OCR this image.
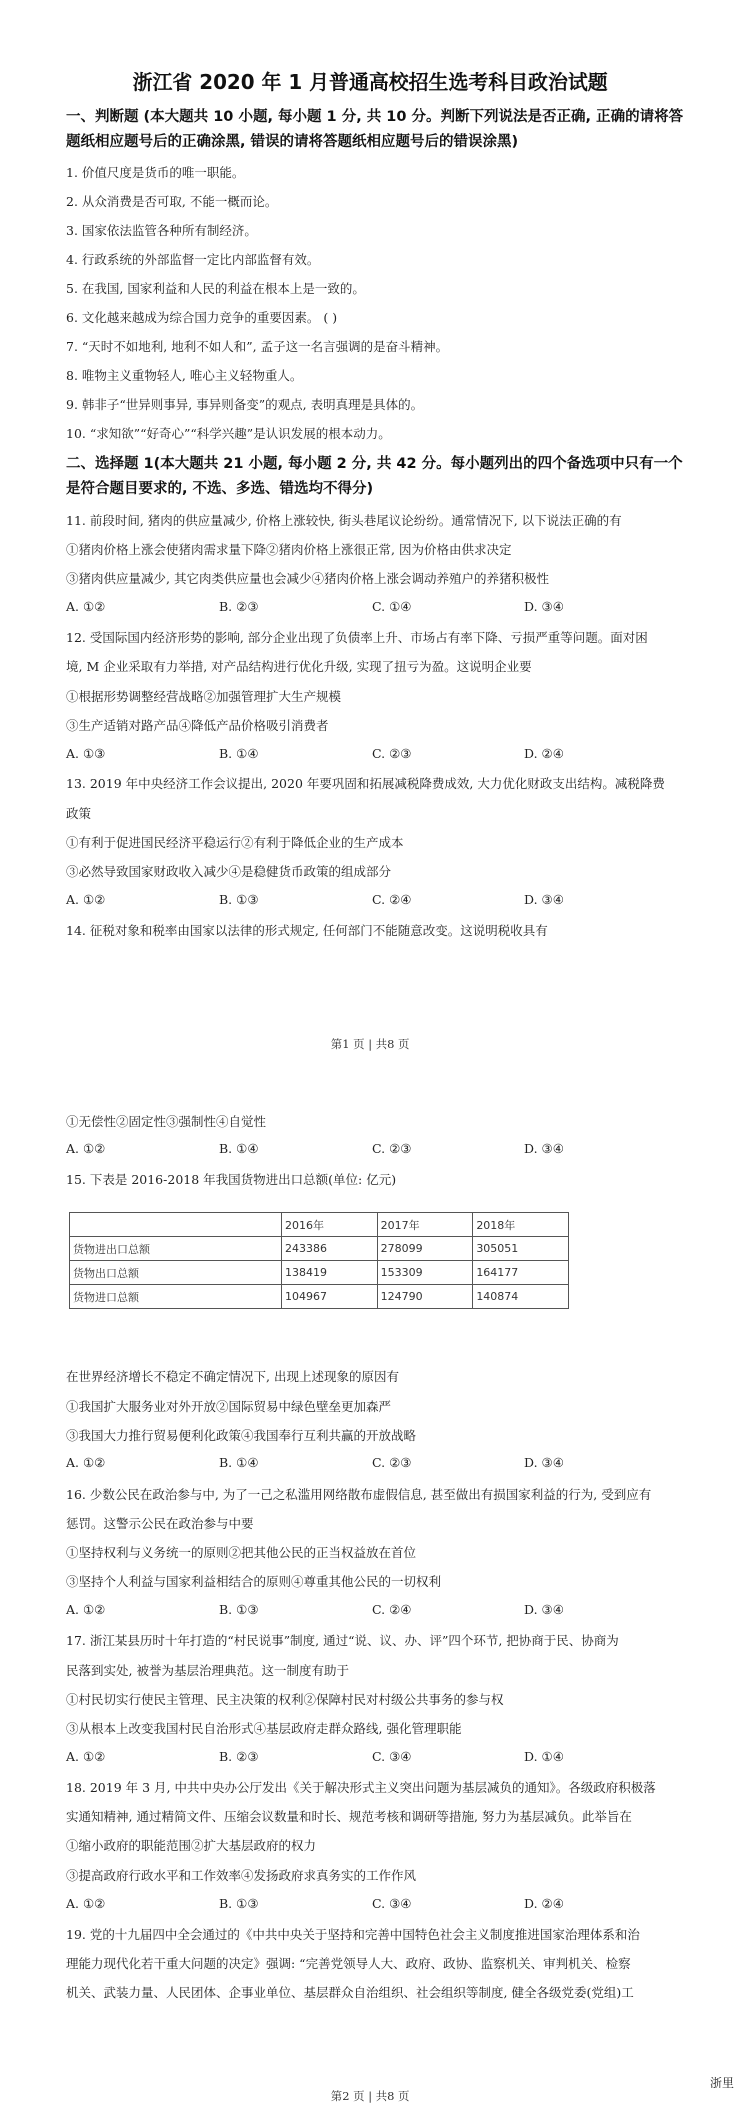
浙江省 2020 年 1 月普通高校招生选考科目政治试题
一、判断题 (本大题共 10 小题, 每小题 1 分, 共 10 分。判断下列说法是否正确, 正确的请将答
题纸相应题号后的正确涂黑, 错误的请将答题纸相应题号后的错误涂黑)
1. 价值尺度是货币的唯一职能。
2. 从众消费是否可取, 不能一概而论。
3. 国家依法监管各种所有制经济。
4. 行政系统的外部监督一定比内部监督有效。
5. 在我国, 国家利益和人民的利益在根本上是一致的。
6. 文化越来越成为综合国力竞争的重要因素。 ( )
7. “天时不如地利, 地利不如人和”, 孟子这一名言强调的是奋斗精神。
8. 唯物主义重物轻人, 唯心主义轻物重人。
9. 韩非子“世异则事异, 事异则备变”的观点, 表明真理是具体的。
10. “求知欲”“好奇心”“科学兴趣”是认识发展的根本动力。
二、选择题 1(本大题共 21 小题, 每小题 2 分, 共 42 分。每小题列出的四个备选项中只有一个
是符合题目要求的, 不选、多选、错选均不得分)
11. 前段时间, 猪肉的供应量减少, 价格上涨较快, 街头巷尾议论纷纷。通常情况下, 以下说法正确的有
①猪肉价格上涨会使猪肉需求量下降②猪肉价格上涨很正常, 因为价格由供求决定
③猪肉供应量减少, 其它肉类供应量也会减少④猪肉价格上涨会调动养殖户的养猪积极性
A. ①②	B. ②③	C. ①④	D. ③④
12. 受国际国内经济形势的影响, 部分企业出现了负债率上升、市场占有率下降、亏损严重等问题。面对困
境, M 企业采取有力举措, 对产品结构进行优化升级, 实现了扭亏为盈。这说明企业要
①根据形势调整经营战略②加强管理扩大生产规模
③生产适销对路产品④降低产品价格吸引消费者
A. ①③	B. ①④	C. ②③	D. ②④
13. 2019 年中央经济工作会议提出, 2020 年要巩固和拓展减税降费成效, 大力优化财政支出结构。减税降费
政策
①有利于促进国民经济平稳运行②有利于降低企业的生产成本
③必然导致国家财政收入减少④是稳健货币政策的组成部分
A. ①②	B. ①③	C. ②④	D. ③④
14. 征税对象和税率由国家以法律的形式规定, 任何部门不能随意改变。这说明税收具有
第1 页 | 共8 页
①无偿性②固定性③强制性④自觉性
A. ①②	B. ①④	C. ②③	D. ③④
15. 下表是 2016-2018 年我国货物进出口总额(单位: 亿元)
	2016年	2017年	2018年
货物进出口总额	243386	278099	305051
货物出口总额	138419	153309	164177
货物进口总额	104967	124790	140874
在世界经济增长不稳定不确定情况下, 出现上述现象的原因有
①我国扩大服务业对外开放②国际贸易中绿色壁垒更加森严
③我国大力推行贸易便利化政策④我国奉行互利共赢的开放战略
A. ①②	B. ①④	C. ②③	D. ③④
16. 少数公民在政治参与中, 为了一己之私滥用网络散布虚假信息, 甚至做出有损国家利益的行为, 受到应有
惩罚。这警示公民在政治参与中要
①坚持权利与义务统一的原则②把其他公民的正当权益放在首位
③坚持个人利益与国家利益相结合的原则④尊重其他公民的一切权利
A. ①②	B. ①③	C. ②④	D. ③④
17. 浙江某县历时十年打造的“村民说事”制度, 通过“说、议、办、评”四个环节, 把协商于民、协商为
民落到实处, 被誉为基层治理典范。这一制度有助于
①村民切实行使民主管理、民主决策的权利②保障村民对村级公共事务的参与权
③从根本上改变我国村民自治形式④基层政府走群众路线, 强化管理职能
A. ①②	B. ②③	C. ③④	D. ①④
18. 2019 年 3 月, 中共中央办公厅发出《关于解决形式主义突出问题为基层减负的通知》。各级政府积极落
实通知精神, 通过精简文件、压缩会议数量和时长、规范考核和调研等措施, 努力为基层减负。此举旨在
①缩小政府的职能范围②扩大基层政府的权力
③提高政府行政水平和工作效率④发扬政府求真务实的工作作风
A. ①②	B. ①③	C. ③④	D. ②④
19. 党的十九届四中全会通过的《中共中央关于坚持和完善中国特色社会主义制度推进国家治理体系和治
理能力现代化若干重大问题的决定》强调: “完善党领导人大、政府、政协、监察机关、审判机关、检察
机关、武装力量、人民团体、企事业单位、基层群众自治组织、社会组织等制度, 健全各级党委(党组)工
浙里
第2 页 | 共8 页
